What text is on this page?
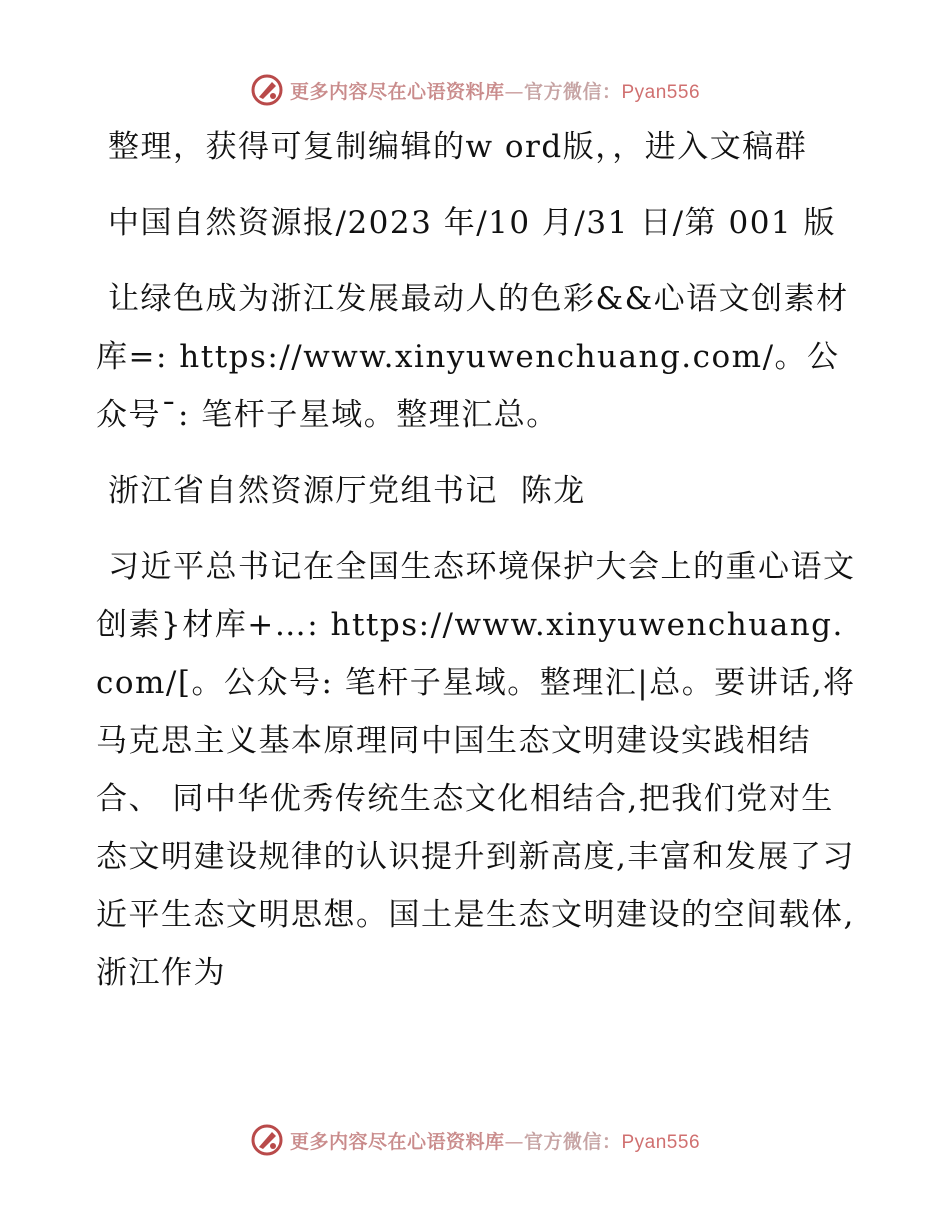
更多内容尽在心语资料库—官方微信：Pyan556

整理，获得可复制编辑的w ord版，，进入文稿群

中国自然资源报/2023 年/10 月/31 日/第 001 版

让绿色成为浙江发展最动人的色彩&&心语文创素材库=: https://www.xinyuwenchuang.com/。公众号¯: 笔杆子星域。整理汇总。

浙江省自然资源厅党组书记  陈龙

习近平总书记在全国生态环境保护大会上的重心语文创素}材库+…: https://www.xinyuwenchuang.com/[。公众号: 笔杆子星域。整理汇|总。要讲话,将马克思主义基本原理同中国生态文明建设实践相结合、 同中华优秀传统生态文化相结合,把我们党对生态文明建设规律的认识提升到新高度,丰富和发展了习近平生态文明思想。国土是生态文明建设的空间载体,浙江作为

更多内容尽在心语资料库—官方微信：Pyan556
